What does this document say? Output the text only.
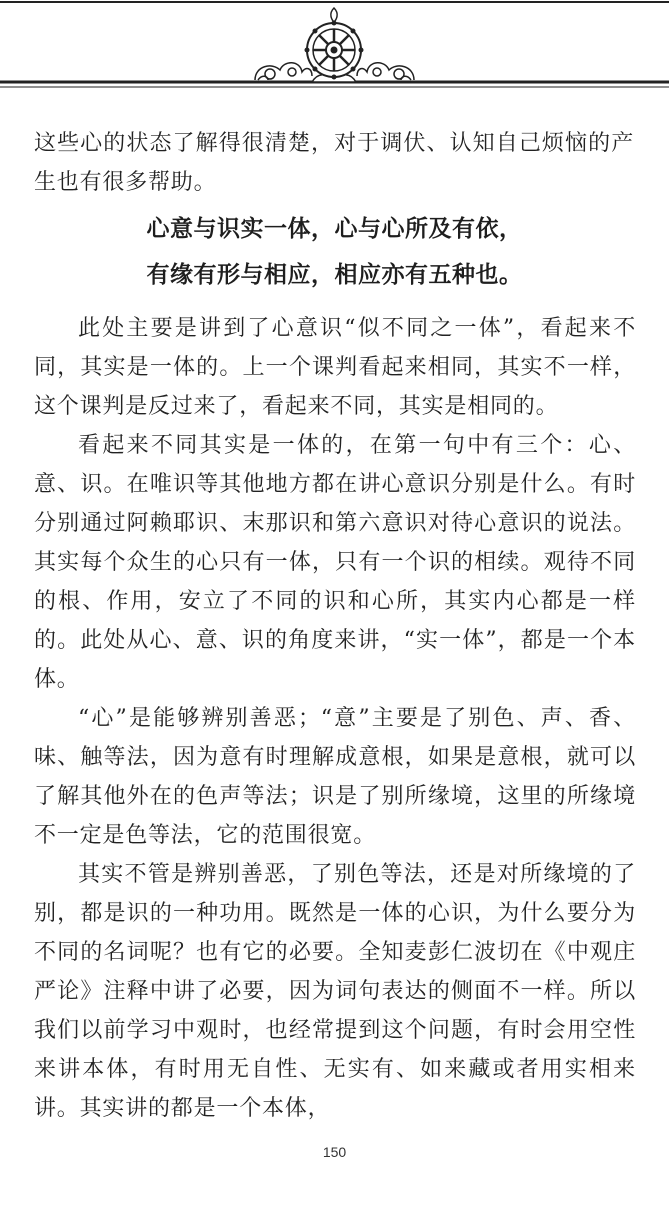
这些心的状态了解得很清楚，对于调伏、认知自己烦恼的产生也有很多帮助。

心意与识实一体，心与心所及有依，
有缘有形与相应，相应亦有五种也。

此处主要是讲到了心意识“似不同之一体”，看起来不同，其实是一体的。上一个课判看起来相同，其实不一样，这个课判是反过来了，看起来不同，其实是相同的。

看起来不同其实是一体的，在第一句中有三个：心、意、识。在唯识等其他地方都在讲心意识分别是什么。有时分别通过阿赖耶识、末那识和第六意识对待心意识的说法。其实每个众生的心只有一体，只有一个识的相续。观待不同的根、作用，安立了不同的识和心所，其实内心都是一样的。此处从心、意、识的角度来讲，“实一体”，都是一个本体。

“心”是能够辨别善恶；“意”主要是了别色、声、香、味、触等法，因为意有时理解成意根，如果是意根，就可以了解其他外在的色声等法；识是了别所缘境，这里的所缘境不一定是色等法，它的范围很宽。

其实不管是辨别善恶，了别色等法，还是对所缘境的了别，都是识的一种功用。既然是一体的心识，为什么要分为不同的名词呢？也有它的必要。全知麦彭仁波切在《中观庄严论》注释中讲了必要，因为词句表达的侧面不一样。所以我们以前学习中观时，也经常提到这个问题，有时会用空性来讲本体，有时用无自性、无实有、如来藏或者用实相来讲。其实讲的都是一个本体，

150
